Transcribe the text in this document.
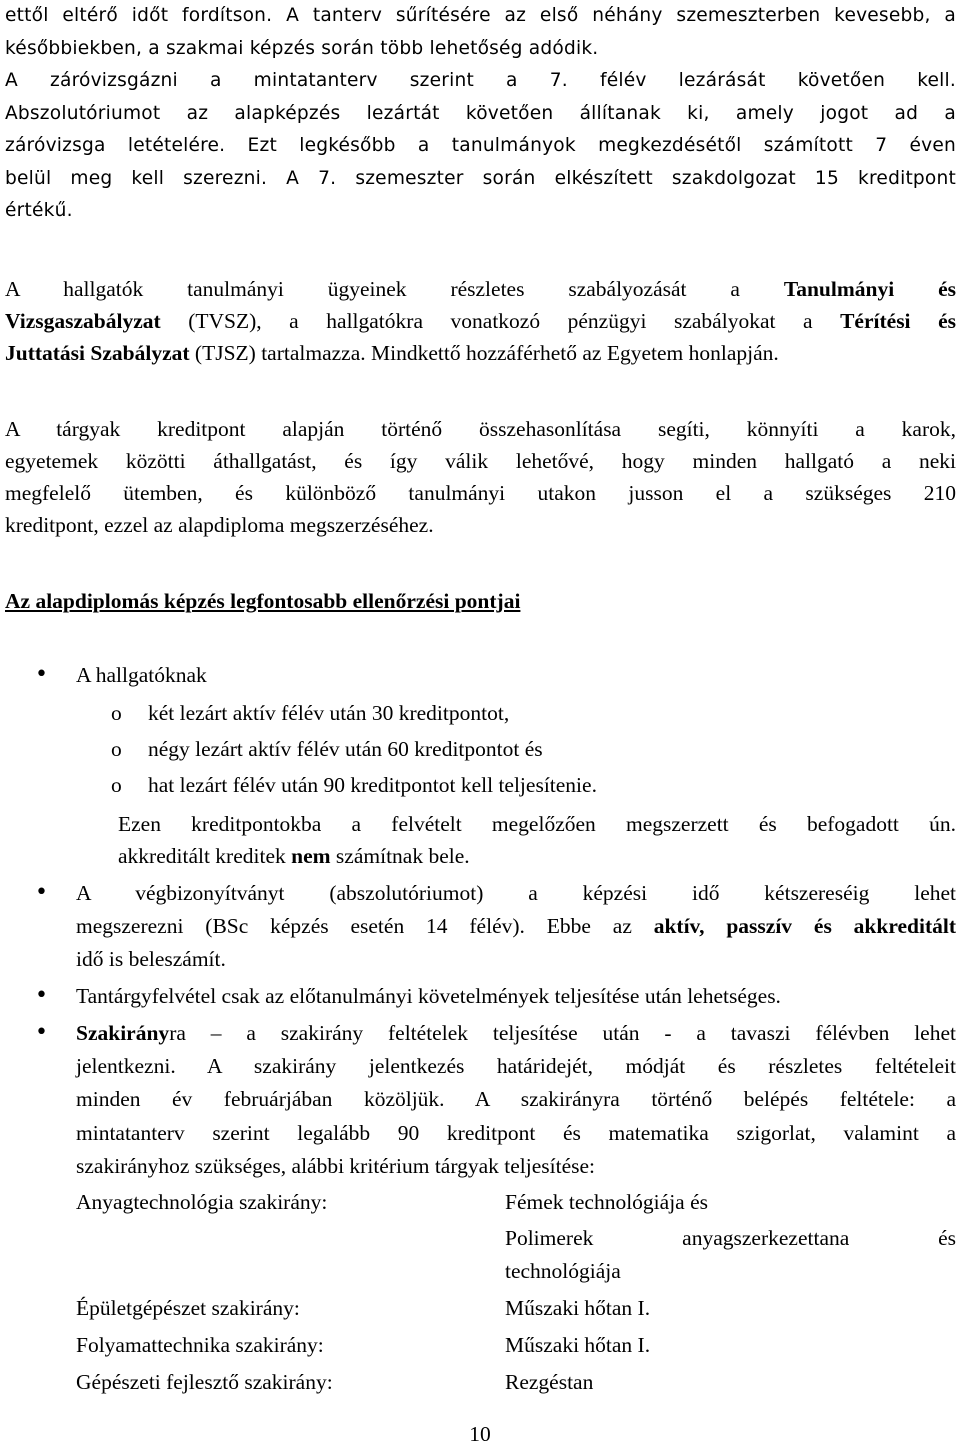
ettől eltérő időt fordítson. A tanterv sűrítésére az első néhány szemeszterben kevesebb, a
későbbiekben, a szakmai képzés során több lehetőség adódik.
A záróvizsgázni a mintatanterv szerint a 7. félév lezárását követően kell.
Abszolutóriumot az alapképzés lezártát követően állítanak ki, amely jogot ad a
záróvizsga letételére. Ezt legkésőbb a tanulmányok megkezdésétől számított 7 éven
belül meg kell szerezni. A 7. szemeszter során elkészített szakdolgozat 15 kreditpont
értékű.
A hallgatók tanulmányi ügyeinek részletes szabályozását a Tanulmányi és
Vizsgaszabályzat (TVSZ), a hallgatókra vonatkozó pénzügyi szabályokat a Térítési és
Juttatási Szabályzat (TJSZ) tartalmazza. Mindkettő hozzáférhető az Egyetem honlapján.
A tárgyak kreditpont alapján történő összehasonlítása segíti, könnyíti a karok,
egyetemek közötti áthallgatást, és így válik lehetővé, hogy minden hallgató a neki
megfelelő ütemben, és különböző tanulmányi utakon jusson el a szükséges 210
kreditpont, ezzel az alapdiploma megszerzéséhez.
Az alapdiplomás képzés legfontosabb ellenőrzési pontjai
• A hallgatóknak
o két lezárt aktív félév után 30 kreditpontot,
o négy lezárt aktív félév után 60 kreditpontot és
o hat lezárt félév után 90 kreditpontot kell teljesítenie.
Ezen kreditpontokba a felvételt megelőzően megszerzett és befogadott ún.
akkreditált kreditek nem számítnak bele.
• A végbizonyítványt (abszolutóriumot) a képzési idő kétszereséig lehet
megszerezni (BSc képzés esetén 14 félév). Ebbe az aktív, passzív és akkreditált
idő is beleszámít.
• Tantárgyfelvétel csak az előtanulmányi követelmények teljesítése után lehetséges.
• Szakirányra – a szakirány feltételek teljesítése után - a tavaszi félévben lehet
jelentkezni. A szakirány jelentkezés határidejét, módját és részletes feltételeit
minden év februárjában közöljük. A szakirányra történő belépés feltétele: a
mintatanterv szerint legalább 90 kreditpont és matematika szigorlat, valamint a
szakirányhoz szükséges, alábbi kritérium tárgyak teljesítése:
Anyagtechnológia szakirány:	Fémek technológiája és
Polimerek anyagszerkezettana és
technológiája
Épületgépészet szakirány:	Műszaki hőtan I.
Folyamattechnika szakirány:	Műszaki hőtan I.
Gépészeti fejlesztő szakirány:	Rezgéstan
10
